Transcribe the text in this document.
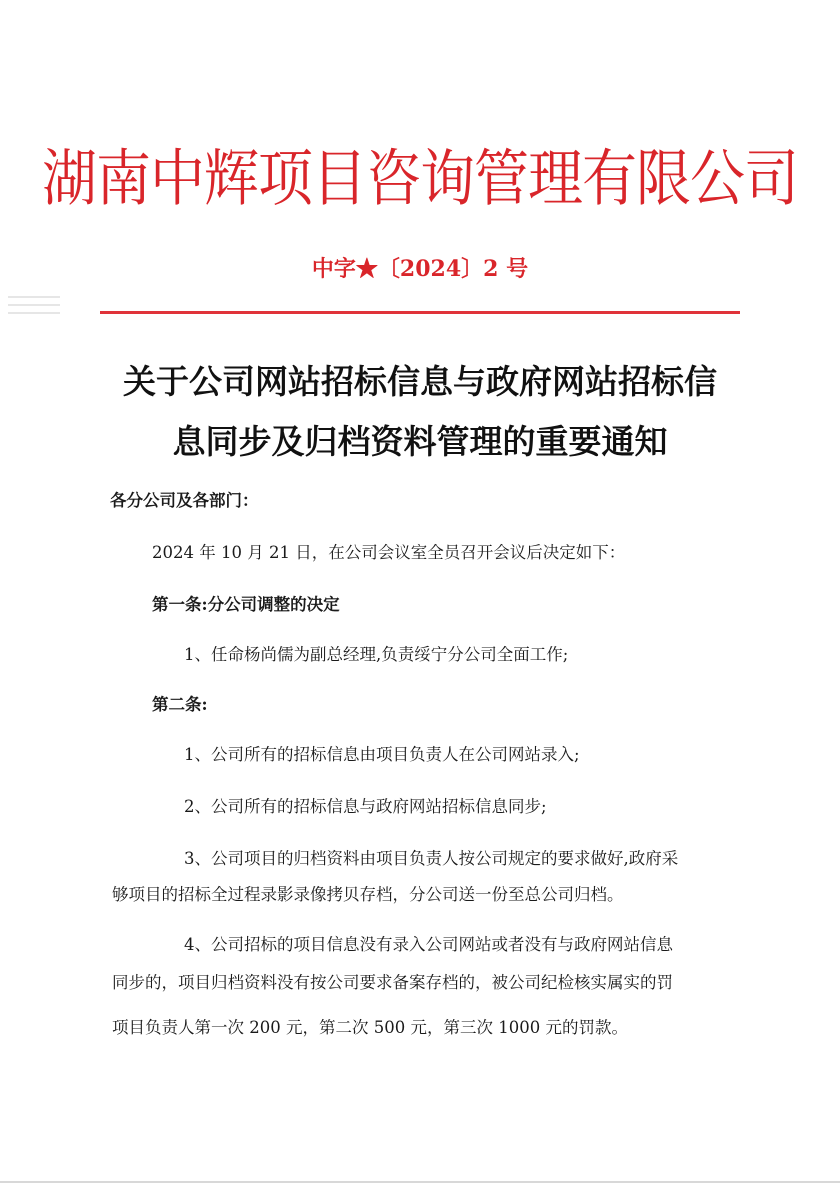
湖南中辉项目咨询管理有限公司
中字★〔2024〕2 号
关于公司网站招标信息与政府网站招标信
息同步及归档资料管理的重要通知
各分公司及各部门：
2024 年 10 月 21 日，在公司会议室全员召开会议后决定如下：
第一条:分公司调整的决定
1、任命杨尚儒为副总经理,负责绥宁分公司全面工作;
第二条:
1、公司所有的招标信息由项目负责人在公司网站录入;
2、公司所有的招标信息与政府网站招标信息同步;
3、公司项目的归档资料由项目负责人按公司规定的要求做好,政府采
够项目的招标全过程录影录像拷贝存档，分公司送一份至总公司归档。
4、公司招标的项目信息没有录入公司网站或者没有与政府网站信息
同步的，项目归档资料没有按公司要求备案存档的，被公司纪检核实属实的罚
项目负责人第一次 200 元，第二次 500 元，第三次 1000 元的罚款。
